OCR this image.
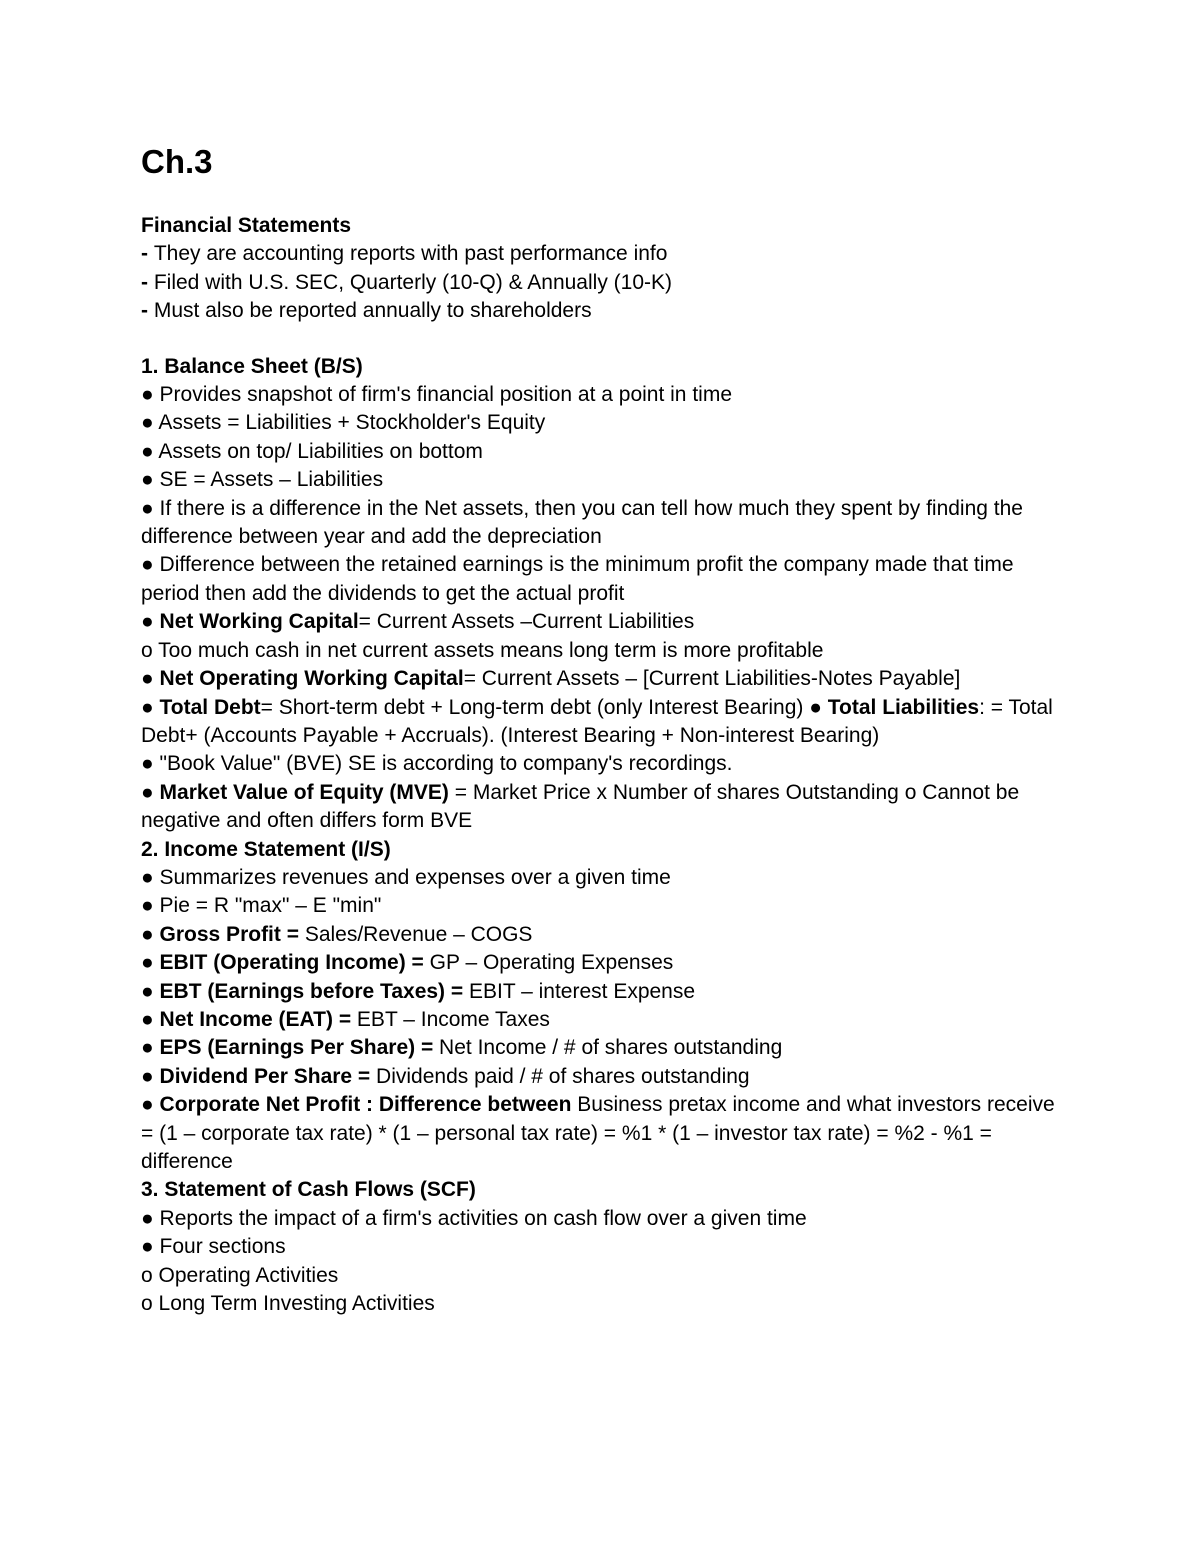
Ch.3

Financial Statements

- They are accounting reports with past performance info

- Filed with U.S. SEC, Quarterly (10-Q) & Annually (10-K)

- Must also be reported annually to shareholders

1. Balance Sheet (B/S)

● Provides snapshot of firm's financial position at a point in time

● Assets = Liabilities + Stockholder's Equity

● Assets on top/ Liabilities on bottom

● SE = Assets – Liabilities

● If there is a difference in the Net assets, then you can tell how much they spent by finding the difference between year and add the depreciation

● Difference between the retained earnings is the minimum profit the company made that time period then add the dividends to get the actual profit

● Net Working Capital= Current Assets –Current Liabilities

o Too much cash in net current assets means long term is more profitable

● Net Operating Working Capital= Current Assets – [Current Liabilities-Notes Payable]

● Total Debt= Short-term debt + Long-term debt (only Interest Bearing) ● Total Liabilities: = Total Debt+ (Accounts Payable + Accruals). (Interest Bearing + Non-interest Bearing)

● "Book Value" (BVE) SE is according to company's recordings.

● Market Value of Equity (MVE) = Market Price x Number of shares Outstanding o Cannot be negative and often differs form BVE

2. Income Statement (I/S)

● Summarizes revenues and expenses over a given time

● Pie = R "max" – E "min"

● Gross Profit = Sales/Revenue – COGS

● EBIT (Operating Income) = GP – Operating Expenses

● EBT (Earnings before Taxes) = EBIT – interest Expense

● Net Income (EAT) = EBT – Income Taxes

● EPS (Earnings Per Share) = Net Income / # of shares outstanding

● Dividend Per Share = Dividends paid / # of shares outstanding

● Corporate Net Profit : Difference between Business pretax income and what investors receive = (1 – corporate tax rate) * (1 – personal tax rate) = %1 * (1 – investor tax rate) = %2 - %1 = difference

3. Statement of Cash Flows (SCF)

● Reports the impact of a firm's activities on cash flow over a given time

● Four sections

o Operating Activities

o Long Term Investing Activities
